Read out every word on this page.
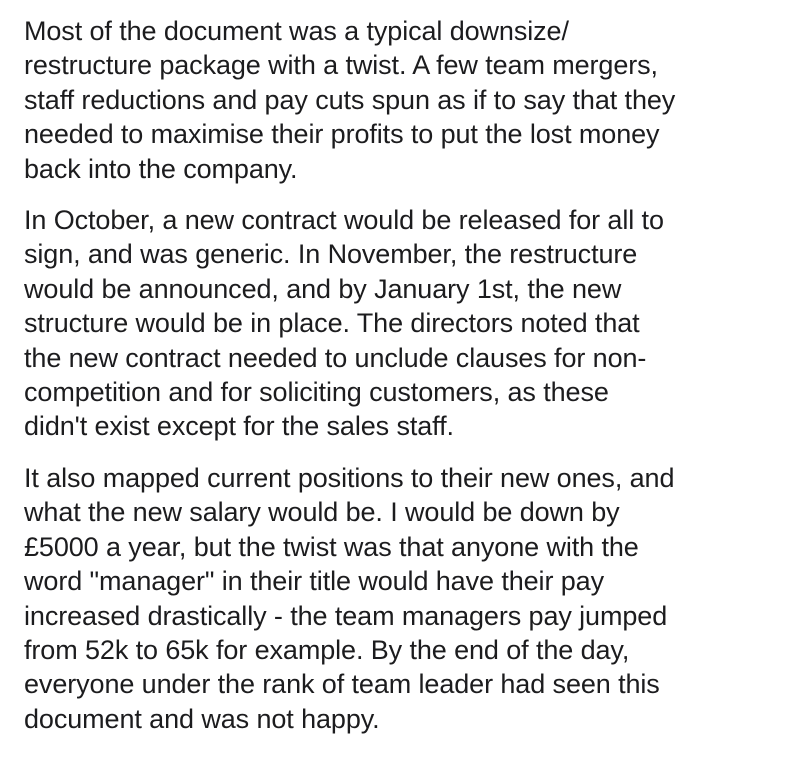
Most of the document was a typical downsize/
restructure package with a twist. A few team mergers,
staff reductions and pay cuts spun as if to say that they
needed to maximise their profits to put the lost money
back into the company.

In October, a new contract would be released for all to
sign, and was generic. In November, the restructure
would be announced, and by January 1st, the new
structure would be in place. The directors noted that
the new contract needed to unclude clauses for non-
competition and for soliciting customers, as these
didn't exist except for the sales staff.

It also mapped current positions to their new ones, and
what the new salary would be. I would be down by
£5000 a year, but the twist was that anyone with the
word "manager" in their title would have their pay
increased drastically - the team managers pay jumped
from 52k to 65k for example. By the end of the day,
everyone under the rank of team leader had seen this
document and was not happy.
